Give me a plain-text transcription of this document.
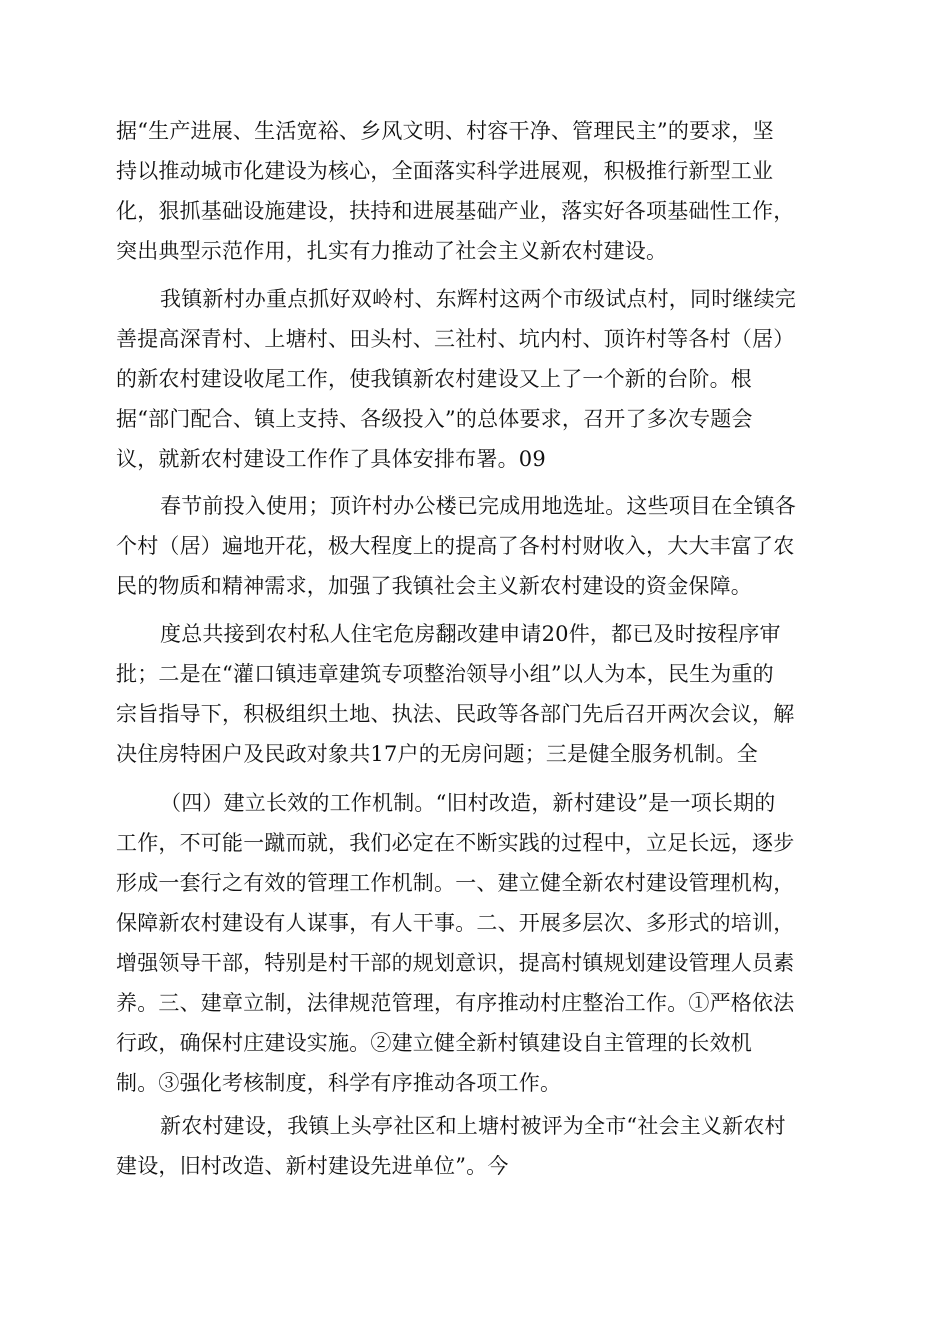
据“生产进展、生活宽裕、乡风文明、村容干净、管理民主”的要求，坚
持以推动城市化建设为核心，全面落实科学进展观，积极推行新型工业
化，狠抓基础设施建设，扶持和进展基础产业，落实好各项基础性工作，
突出典型示范作用，扎实有力推动了社会主义新农村建设。
我镇新村办重点抓好双岭村、东辉村这两个市级试点村，同时继续完
善提高深青村、上塘村、田头村、三社村、坑内村、顶许村等各村（居）
的新农村建设收尾工作，使我镇新农村建设又上了一个新的台阶。根
据“部门配合、镇上支持、各级投入”的总体要求，召开了多次专题会
议，就新农村建设工作作了具体安排布署。09
春节前投入使用；顶许村办公楼已完成用地选址。这些项目在全镇各
个村（居）遍地开花，极大程度上的提高了各村村财收入，大大丰富了农
民的物质和精神需求，加强了我镇社会主义新农村建设的资金保障。
度总共接到农村私人住宅危房翻改建申请20件，都已及时按程序审
批；二是在“灌口镇违章建筑专项整治领导小组”以人为本，民生为重的
宗旨指导下，积极组织土地、执法、民政等各部门先后召开两次会议，解
决住房特困户及民政对象共17户的无房问题；三是健全服务机制。全
（四）建立长效的工作机制。“旧村改造，新村建设”是一项长期的
工作，不可能一蹴而就，我们必定在不断实践的过程中，立足长远，逐步
形成一套行之有效的管理工作机制。一、建立健全新农村建设管理机构，
保障新农村建设有人谋事，有人干事。二、开展多层次、多形式的培训，
增强领导干部，特别是村干部的规划意识，提高村镇规划建设管理人员素
养。三、建章立制，法律规范管理，有序推动村庄整治工作。①严格依法
行政，确保村庄建设实施。②建立健全新村镇建设自主管理的长效机
制。③强化考核制度，科学有序推动各项工作。
新农村建设，我镇上头亭社区和上塘村被评为全市“社会主义新农村
建设，旧村改造、新村建设先进单位”。今
